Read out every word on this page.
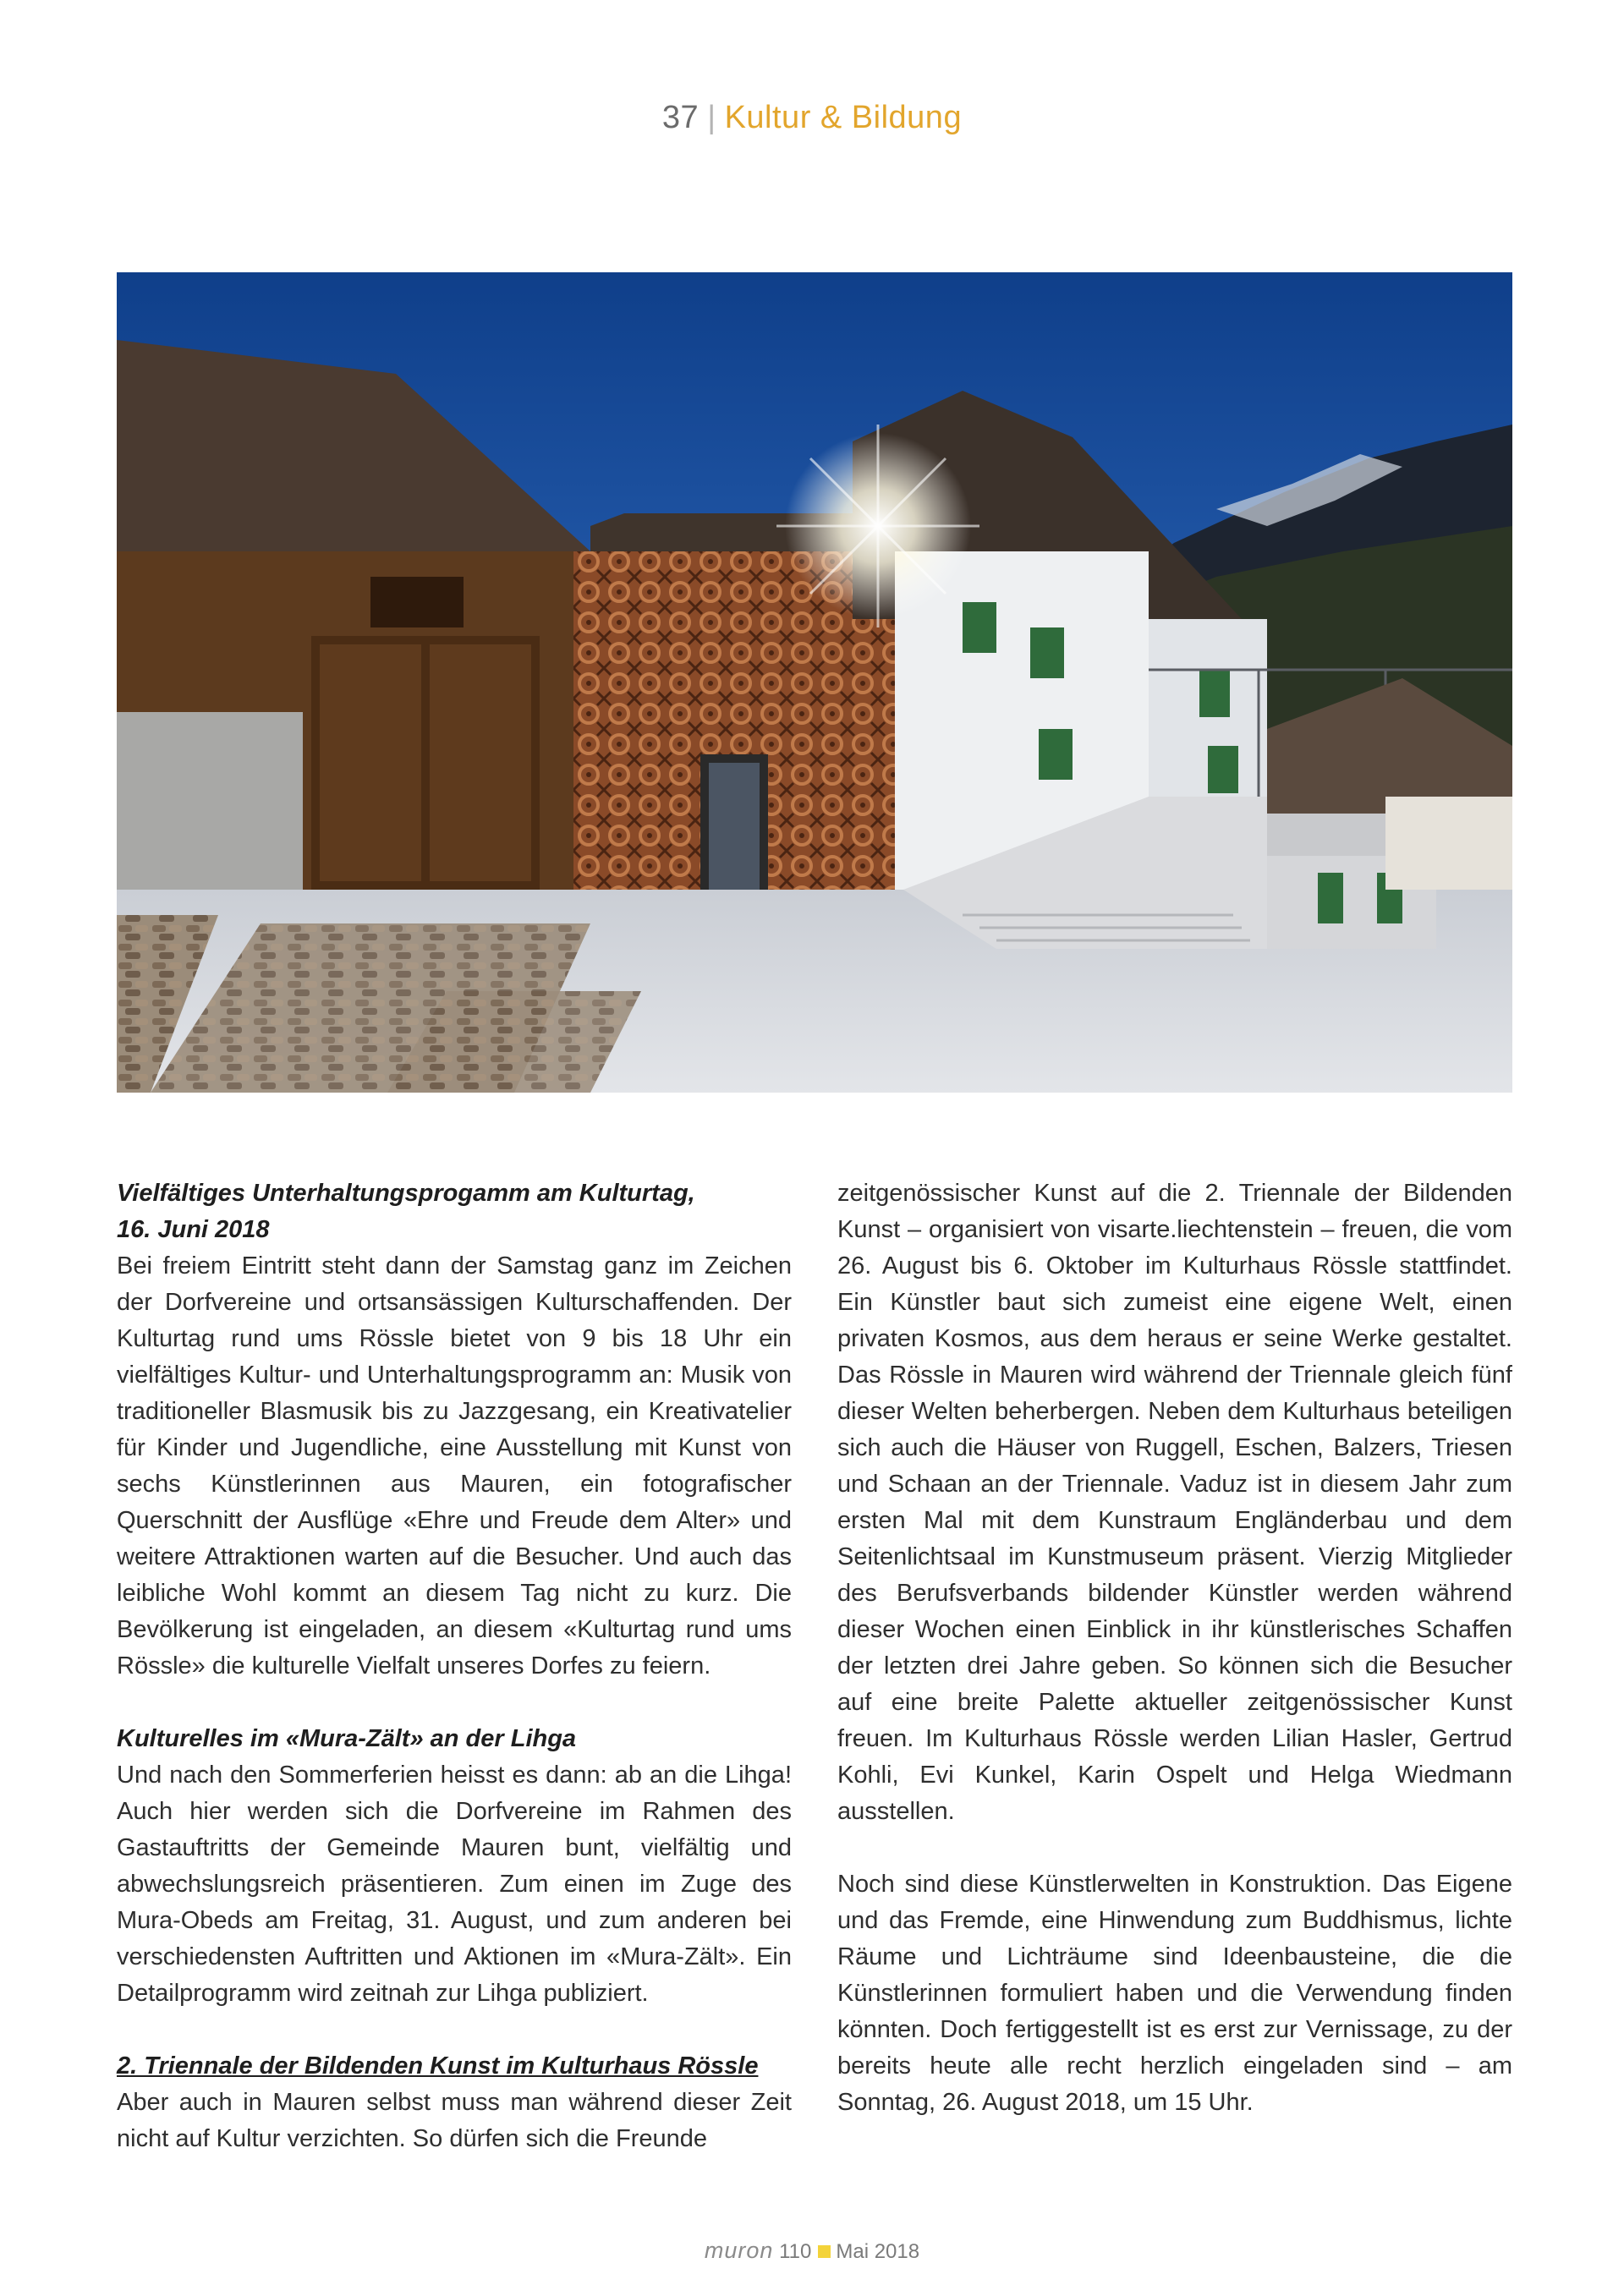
37 | Kultur & Bildung
Vielfältiges Unterhaltungsprogamm am Kulturtag,
16. Juni 2018

Bei freiem Eintritt steht dann der Samstag ganz im Zeichen der Dorfvereine und ortsansässigen Kulturschaffenden. Der Kulturtag rund ums Rössle bietet von 9 bis 18 Uhr ein vielfältiges Kultur- und Unterhaltungsprogramm an: Musik von traditioneller Blasmusik bis zu Jazzgesang, ein Kreativatelier für Kinder und Jugendliche, eine Ausstellung mit Kunst von sechs Künstlerinnen aus Mauren, ein fotografischer Querschnitt der Ausflüge «Ehre und Freude dem Alter» und weitere Attraktionen warten auf die Besucher. Und auch das leibliche Wohl kommt an diesem Tag nicht zu kurz. Die Bevölkerung ist eingeladen, an diesem «Kulturtag rund ums Rössle» die kulturelle Vielfalt unseres Dorfes zu feiern.

Kulturelles im «Mura-Zält» an der Lihga

Und nach den Sommerferien heisst es dann: ab an die Lihga! Auch hier werden sich die Dorfvereine im Rahmen des Gastauftritts der Gemeinde Mauren bunt, vielfältig und abwechslungsreich präsentieren. Zum einen im Zuge des Mura-Obeds am Freitag, 31. August, und zum anderen bei verschiedensten Auftritten und Aktionen im «Mura-Zält». Ein Detailprogramm wird zeitnah zur Lihga publiziert.

2. Triennale der Bildenden Kunst im Kulturhaus Rössle

Aber auch in Mauren selbst muss man während dieser Zeit nicht auf Kultur verzichten. So dürfen sich die Freunde

zeitgenössischer Kunst auf die 2. Triennale der Bildenden Kunst – organisiert von visarte.liechtenstein – freuen, die vom 26. August bis 6. Oktober im Kulturhaus Rössle stattfindet. Ein Künstler baut sich zumeist eine eigene Welt, einen privaten Kosmos, aus dem heraus er seine Werke gestaltet. Das Rössle in Mauren wird während der Triennale gleich fünf dieser Welten beherbergen. Neben dem Kulturhaus beteiligen sich auch die Häuser von Ruggell, Eschen, Balzers, Triesen und Schaan an der Triennale. Vaduz ist in diesem Jahr zum ersten Mal mit dem Kunstraum Engländerbau und dem Seitenlichtsaal im Kunstmuseum präsent. Vierzig Mitglieder des Berufsverbands bildender Künstler werden während dieser Wochen einen Einblick in ihr künstlerisches Schaffen der letzten drei Jahre geben. So können sich die Besucher auf eine breite Palette aktueller zeitgenössischer Kunst freuen. Im Kulturhaus Rössle werden Lilian Hasler, Gertrud Kohli, Evi Kunkel, Karin Ospelt und Helga Wiedmann ausstellen.

Noch sind diese Künstlerwelten in Konstruktion. Das Eigene und das Fremde, eine Hinwendung zum Buddhismus, lichte Räume und Lichträume sind Ideenbausteine, die die Künstlerinnen formuliert haben und die Verwendung finden könnten. Doch fertiggestellt ist es erst zur Vernissage, zu der bereits heute alle recht herzlich eingeladen sind – am Sonntag, 26. August 2018, um 15 Uhr.

muron 110 Mai 2018
